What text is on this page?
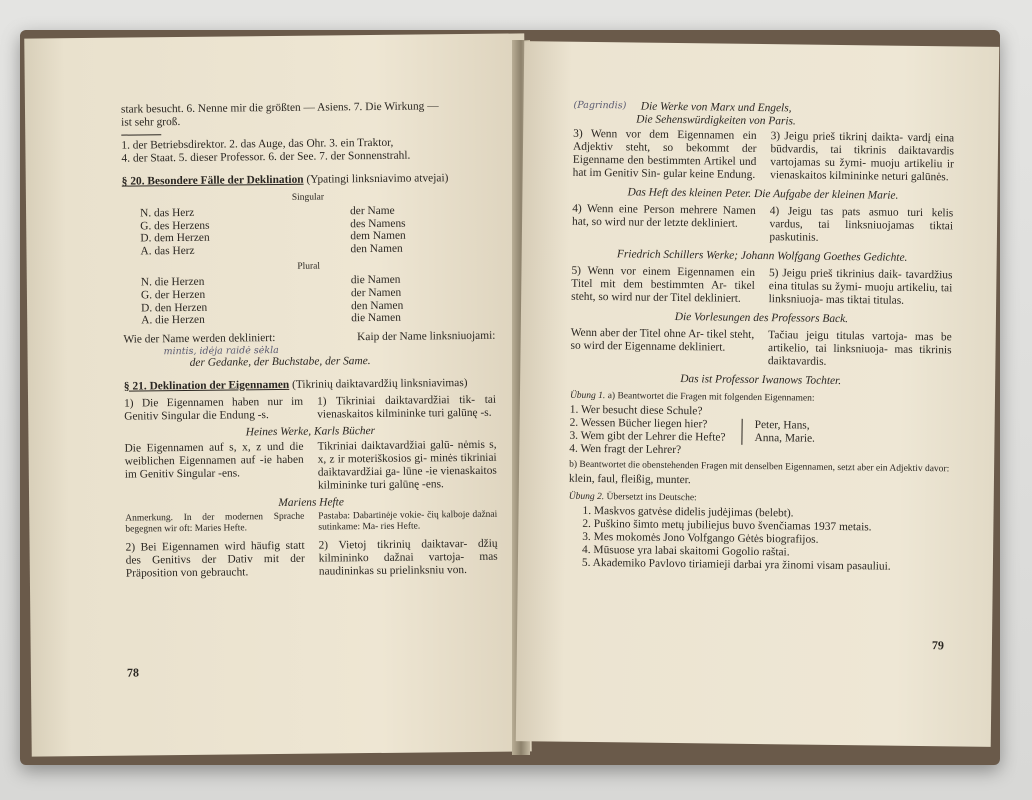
stark besucht. 6. Nenne mir die größten — Asiens. 7. Die Wirkung —

ist sehr groß.

1. der Betriebsdirektor. 2. das Auge, das Ohr. 3. ein Traktor,

4. der Staat. 5. dieser Professor. 6. der See. 7. der Sonnenstrahl.

§ 20. Besondere Fälle der Deklination (Ypatingi linksniavimo atvejai)

Singular

N. das Herz	der Name
G. des Herzens	des Namens
D. dem Herzen	dem Namen
A. das Herz	den Namen

Plural

N. die Herzen	die Namen
G. der Herzen	der Namen
D. den Herzen	den Namen
A. die Herzen	die Namen

Wie der Name werden dekliniert:	Kaip der Name linksniuojami:

mintis, idėja raidė sėkla

der Gedanke, der Buchstabe, der Same.

§ 21. Deklination der Eigennamen (Tikrinių daiktavardžių linksniavimas)

1) Die Eigennamen haben nur im Genitiv Singular die Endung -s.

1) Tikriniai daiktavardžiai tik- tai vienaskaitos kilmininke turi galūnę -s.

Heines Werke, Karls Bücher

Die Eigennamen auf s, x, z und die weiblichen Eigennamen auf -ie haben im Genitiv Singular -ens.

Tikriniai daiktavardžiai galū- nėmis s, x, z ir moteriškosios gi- minės tikriniai daiktavardžiai ga- lūne -ie vienaskaitos kilmininke turi galūnę -ens.

Mariens Hefte

Anmerkung. In der modernen Sprache begegnen wir oft: Maries Hefte.

Pastaba: Dabartinėje vokie- čių kalboje dažnai sutinkame: Ma- ries Hefte.

2) Bei Eigennamen wird häufig statt des Genitivs der Dativ mit der Präposition von gebraucht.

2) Vietoj tikrinių daiktavar- džių kilmininko dažnai vartoja- mas naudininkas su prielinksniu von.

78
(Pagrindis)	Die Werke von Marx und Engels,

Die Sehenswürdigkeiten von Paris.

3) Wenn vor dem Eigennamen ein Adjektiv steht, so bekommt der Eigenname den bestimmten Artikel und hat im Genitiv Sin- gular keine Endung.

3) Jeigu prieš tikrinį daikta- vardį eina būdvardis, tai tikrinis daiktavardis vartojamas su žymi- muoju artikeliu ir vienaskaitos kilmininke neturi galūnės.

Das Heft des kleinen Peter. Die Aufgabe der kleinen Marie.

4) Wenn eine Person mehrere Namen hat, so wird nur der letzte dekliniert.

4) Jeigu tas pats asmuo turi kelis vardus, tai linksniuojamas tiktai paskutinis.

Friedrich Schillers Werke; Johann Wolfgang Goethes Gedichte.

5) Wenn vor einem Eigennamen ein Titel mit dem bestimmten Ar- tikel steht, so wird nur der Titel dekliniert.

5) Jeigu prieš tikrinius daik- tavardžius eina titulas su žymi- muoju artikeliu, tai linksniuoja- mas tiktai titulas.

Die Vorlesungen des Professors Back.

Wenn aber der Titel ohne Ar- tikel steht, so wird der Eigenname dekliniert.

Tačiau jeigu titulas vartoja- mas be artikelio, tai linksniuoja- mas tikrinis daiktavardis.

Das ist Professor Iwanows Tochter.

Übung 1. a) Beantwortet die Fragen mit folgenden Eigennamen:

1. Wer besucht diese Schule?

2. Wessen Bücher liegen hier?

3. Wem gibt der Lehrer die Hefte?

4. Wen fragt der Lehrer?

Peter, Hans,

Anna, Marie.

b) Beantwortet die obenstehenden Fragen mit denselben Eigennamen, setzt aber ein Adjektiv davor:

klein, faul, fleißig, munter.

Übung 2. Übersetzt ins Deutsche:

1. Maskvos gatvėse didelis judėjimas (belebt).

2. Puškino šimto metų jubiliejus buvo švenčiamas 1937 metais.

3. Mes mokomės Jono Volfgango Gėtės biografijos.

4. Mūsuose yra labai skaitomi Gogolio raštai.

5. Akademiko Pavlovo tiriamieji darbai yra žinomi visam pasauliui.

79
